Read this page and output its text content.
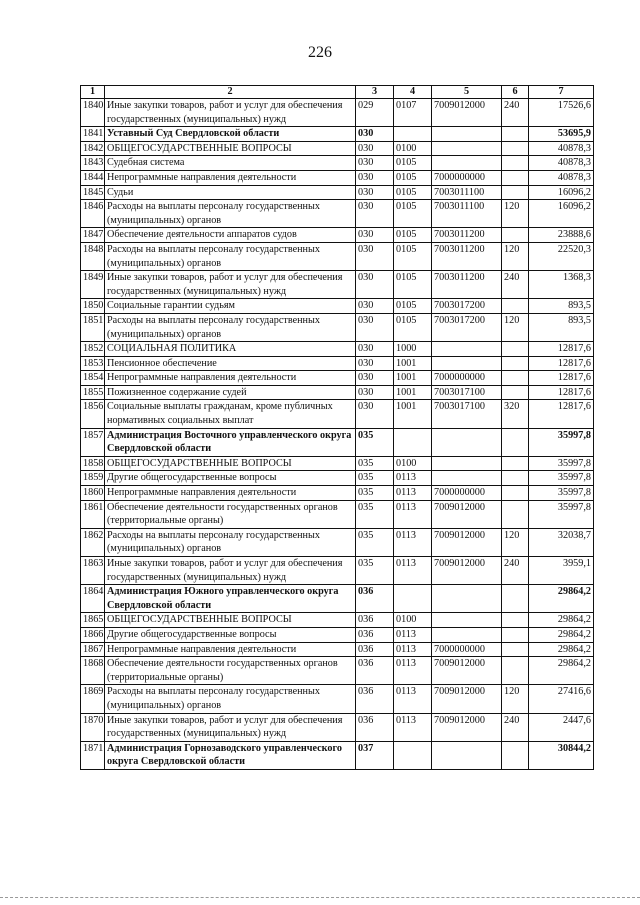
226
1	2	3	4	5	6	7
1840	Иные закупки товаров, работ и услуг для обеспечения государственных (муниципальных) нужд	029	0107	7009012000	240	17526,6
1841	Уставный Суд Свердловской области	030				53695,9
1842	ОБЩЕГОСУДАРСТВЕННЫЕ ВОПРОСЫ	030	0100			40878,3
1843	Судебная система	030	0105			40878,3
1844	Непрограммные направления деятельности	030	0105	7000000000		40878,3
1845	Судьи	030	0105	7003011100		16096,2
1846	Расходы на выплаты персоналу государственных (муниципальных) органов	030	0105	7003011100	120	16096,2
1847	Обеспечение деятельности аппаратов судов	030	0105	7003011200		23888,6
1848	Расходы на выплаты персоналу государственных (муниципальных) органов	030	0105	7003011200	120	22520,3
1849	Иные закупки товаров, работ и услуг для обеспечения государственных (муниципальных) нужд	030	0105	7003011200	240	1368,3
1850	Социальные гарантии судьям	030	0105	7003017200		893,5
1851	Расходы на выплаты персоналу государственных (муниципальных) органов	030	0105	7003017200	120	893,5
1852	СОЦИАЛЬНАЯ ПОЛИТИКА	030	1000			12817,6
1853	Пенсионное обеспечение	030	1001			12817,6
1854	Непрограммные направления деятельности	030	1001	7000000000		12817,6
1855	Пожизненное содержание судей	030	1001	7003017100		12817,6
1856	Социальные выплаты гражданам, кроме публичных нормативных социальных выплат	030	1001	7003017100	320	12817,6
1857	Администрация Восточного управленческого округа Свердловской области	035				35997,8
1858	ОБЩЕГОСУДАРСТВЕННЫЕ ВОПРОСЫ	035	0100			35997,8
1859	Другие общегосударственные вопросы	035	0113			35997,8
1860	Непрограммные направления деятельности	035	0113	7000000000		35997,8
1861	Обеспечение деятельности государственных органов (территориальные органы)	035	0113	7009012000		35997,8
1862	Расходы на выплаты персоналу государственных (муниципальных) органов	035	0113	7009012000	120	32038,7
1863	Иные закупки товаров, работ и услуг для обеспечения государственных (муниципальных) нужд	035	0113	7009012000	240	3959,1
1864	Администрация Южного управленческого округа Свердловской области	036				29864,2
1865	ОБЩЕГОСУДАРСТВЕННЫЕ ВОПРОСЫ	036	0100			29864,2
1866	Другие общегосударственные вопросы	036	0113			29864,2
1867	Непрограммные направления деятельности	036	0113	7000000000		29864,2
1868	Обеспечение деятельности государственных органов (территориальные органы)	036	0113	7009012000		29864,2
1869	Расходы на выплаты персоналу государственных (муниципальных) органов	036	0113	7009012000	120	27416,6
1870	Иные закупки товаров, работ и услуг для обеспечения государственных (муниципальных) нужд	036	0113	7009012000	240	2447,6
1871	Администрация Горнозаводского управленческого округа Свердловской области	037				30844,2
